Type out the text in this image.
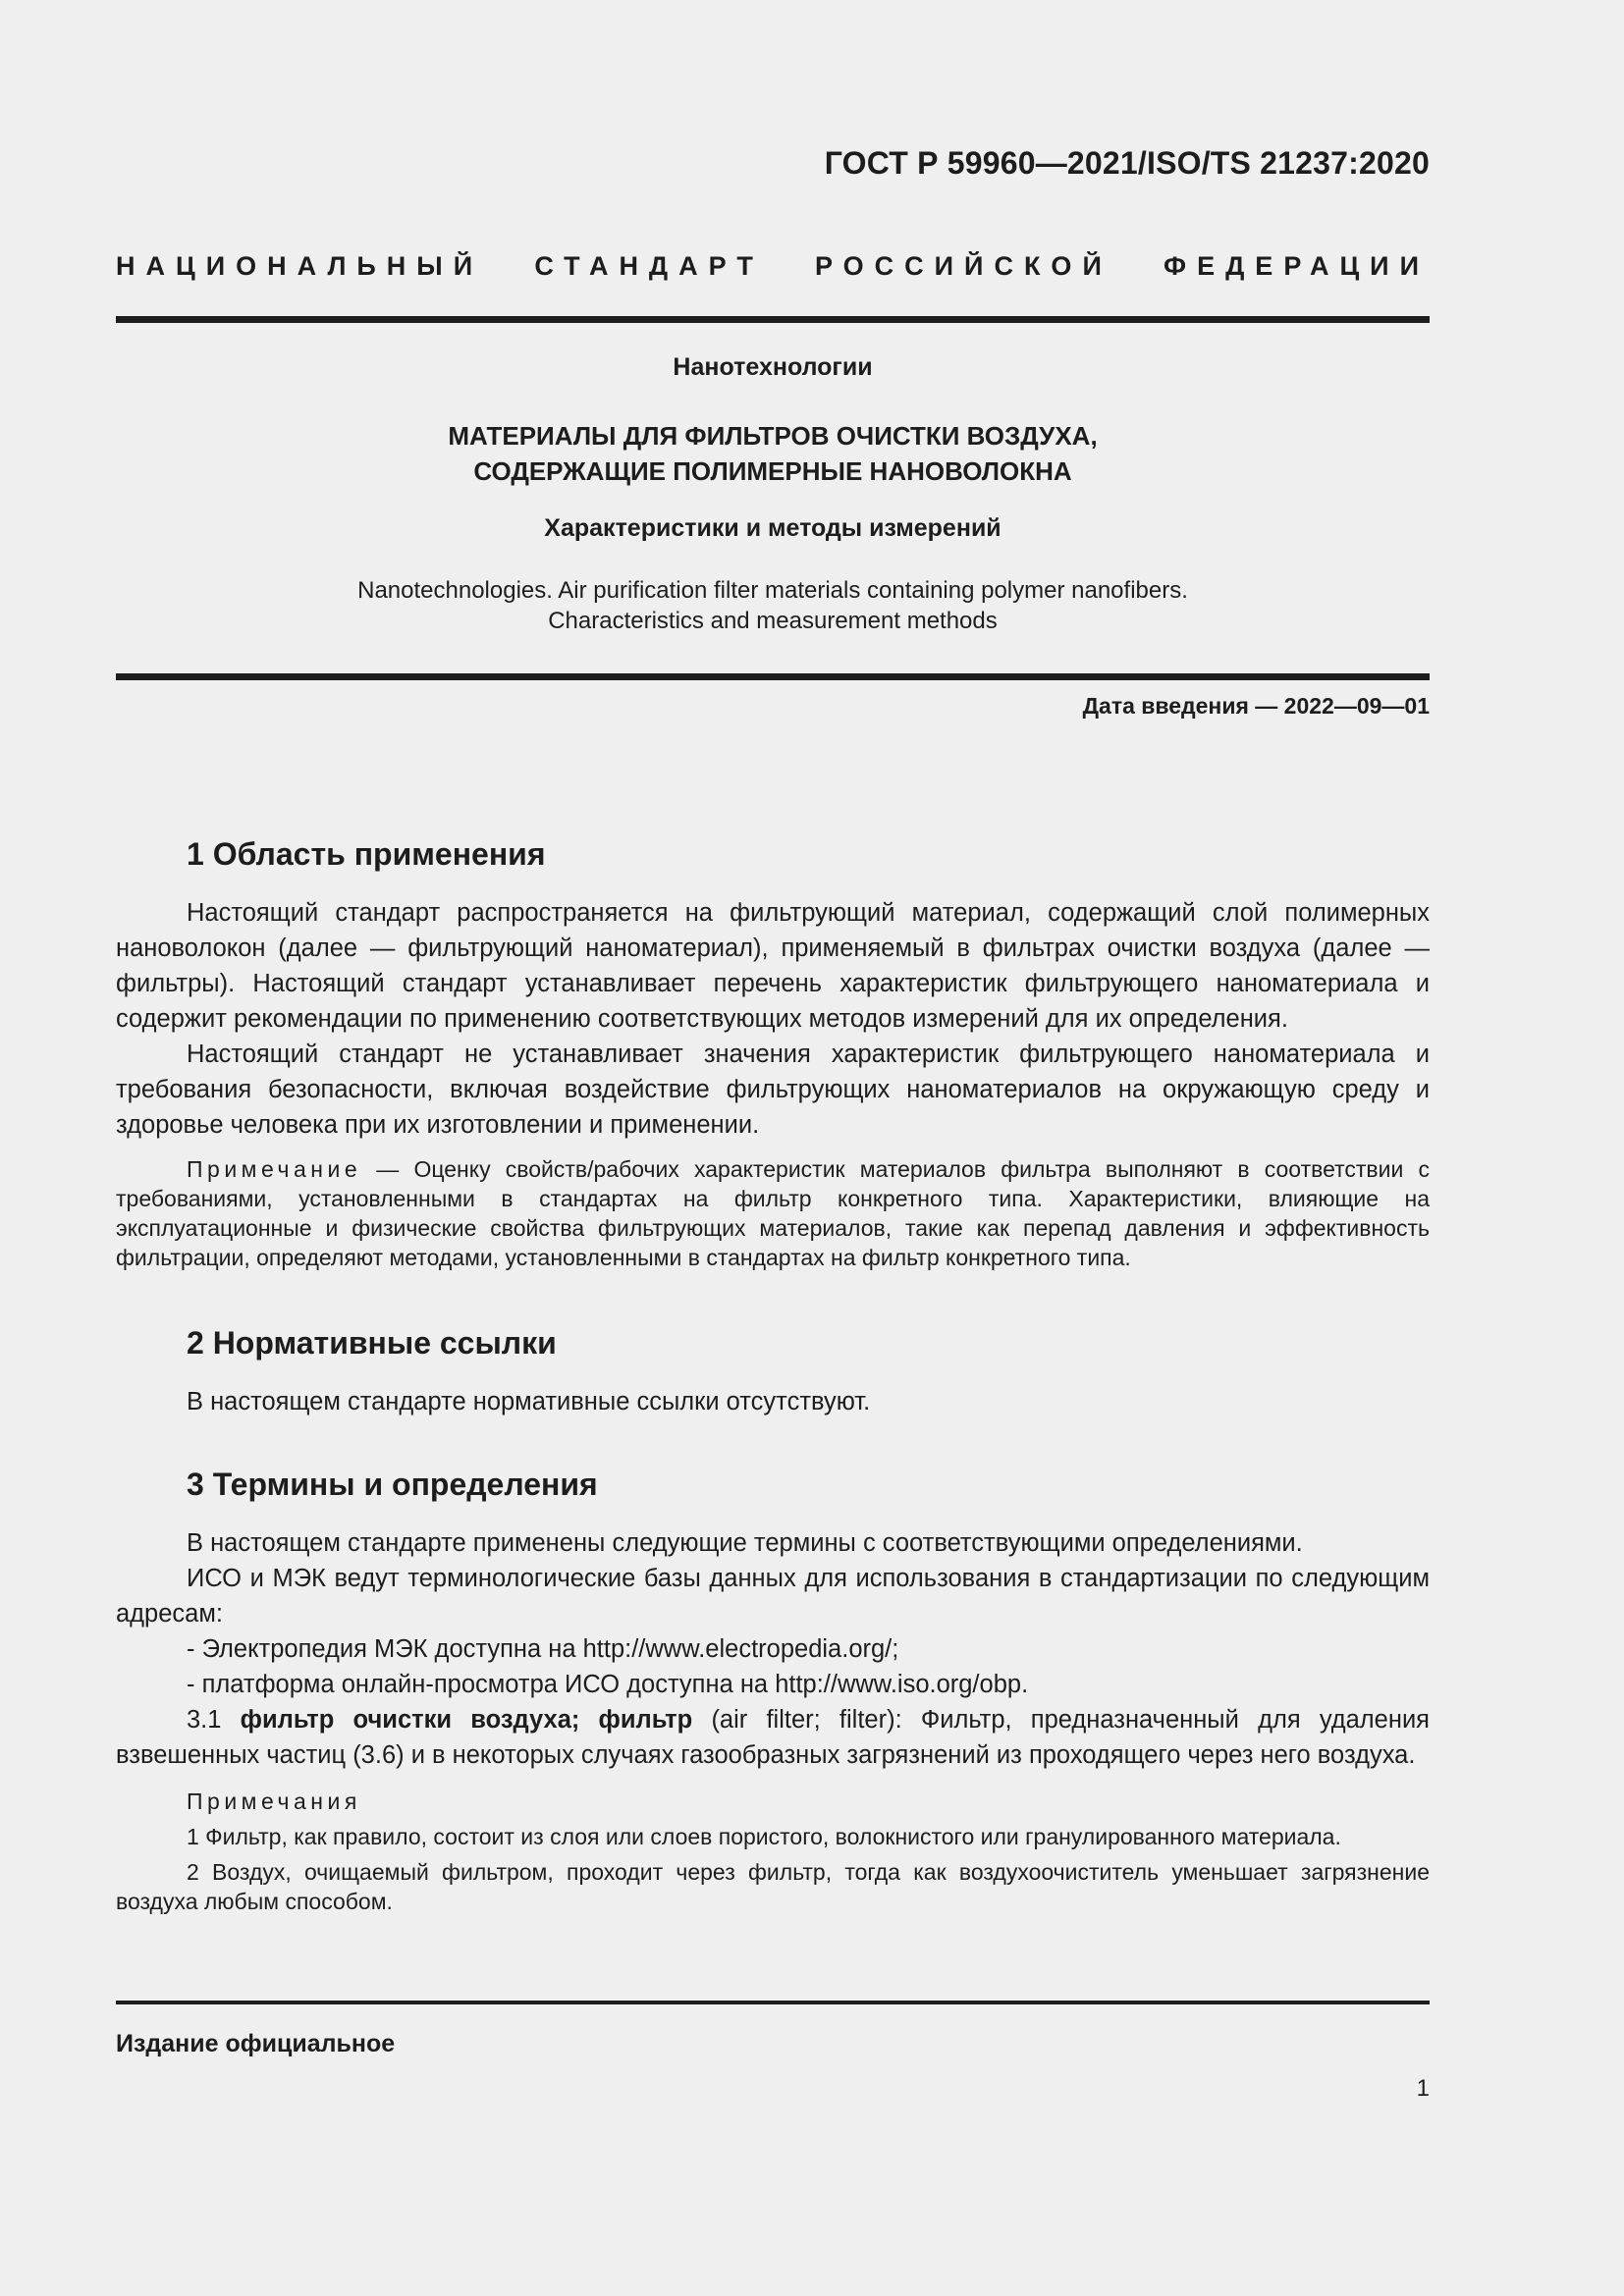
ГОСТ Р 59960—2021/ISO/TS 21237:2020
НАЦИОНАЛЬНЫЙ СТАНДАРТ РОССИЙСКОЙ ФЕДЕРАЦИИ
Нанотехнологии
МАТЕРИАЛЫ ДЛЯ ФИЛЬТРОВ ОЧИСТКИ ВОЗДУХА,
СОДЕРЖАЩИЕ ПОЛИМЕРНЫЕ НАНОВОЛОКНА
Характеристики и методы измерений
Nanotechnologies. Air purification filter materials containing polymer nanofibers.
Characteristics and measurement methods
Дата введения — 2022—09—01
1 Область применения

Настоящий стандарт распространяется на фильтрующий материал, содержащий слой полимерных нановолокон (далее — фильтрующий наноматериал), применяемый в фильтрах очистки воздуха (далее — фильтры). Настоящий стандарт устанавливает перечень характеристик фильтрующего наноматериала и содержит рекомендации по применению соответствующих методов измерений для их определения.

Настоящий стандарт не устанавливает значения характеристик фильтрующего наноматериала и требования безопасности, включая воздействие фильтрующих наноматериалов на окружающую среду и здоровье человека при их изготовлении и применении.

Примечание — Оценку свойств/рабочих характеристик материалов фильтра выполняют в соответствии с требованиями, установленными в стандартах на фильтр конкретного типа. Характеристики, влияющие на эксплуатационные и физические свойства фильтрующих материалов, такие как перепад давления и эффективность фильтрации, определяют методами, установленными в стандартах на фильтр конкретного типа.

2 Нормативные ссылки

В настоящем стандарте нормативные ссылки отсутствуют.

3 Термины и определения

В настоящем стандарте применены следующие термины с соответствующими определениями.

ИСО и МЭК ведут терминологические базы данных для использования в стандартизации по следующим адресам:

- Электропедия МЭК доступна на http://www.electropedia.org/;

- платформа онлайн-просмотра ИСО доступна на http://www.iso.org/obp.

3.1 фильтр очистки воздуха; фильтр (air filter; filter): Фильтр, предназначенный для удаления взвешенных частиц (3.6) и в некоторых случаях газообразных загрязнений из проходящего через него воздуха.

Примечания

1 Фильтр, как правило, состоит из слоя или слоев пористого, волокнистого или гранулированного материала.

2 Воздух, очищаемый фильтром, проходит через фильтр, тогда как воздухоочиститель уменьшает загрязнение воздуха любым способом.

Издание официальное
1
